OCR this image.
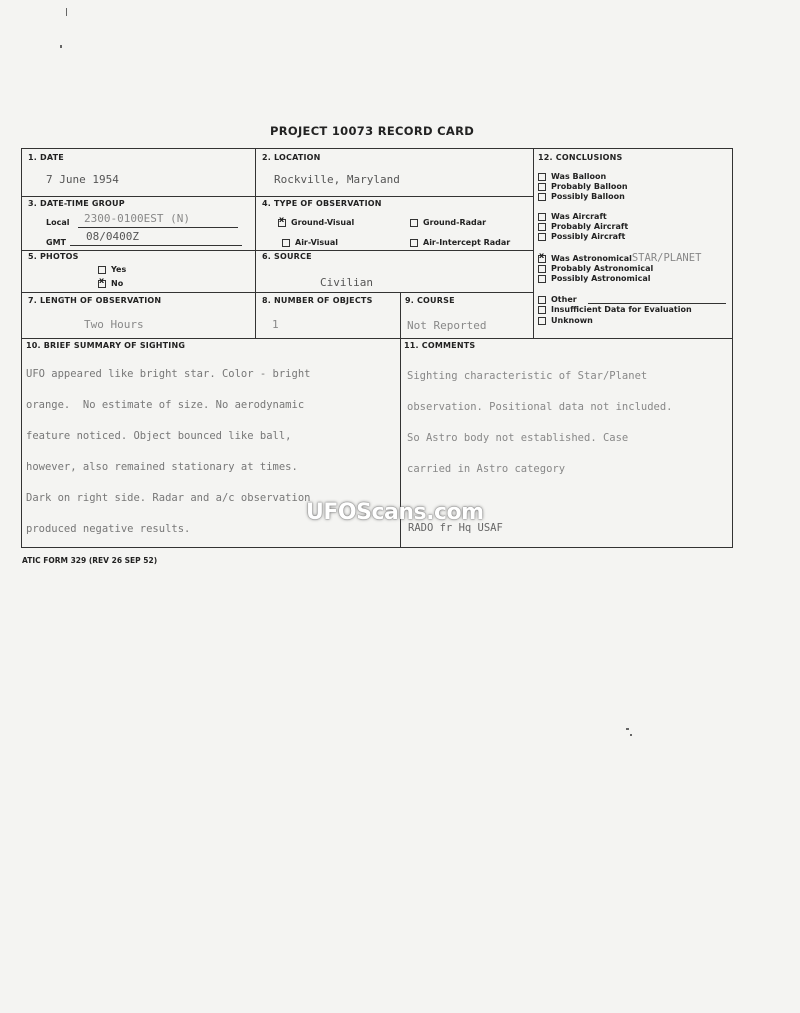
PROJECT 10073 RECORD CARD
1. DATE
7 June 1954
2. LOCATION
Rockville, Maryland
3. DATE-TIME GROUP
Local 2300-0100EST (N)
GMT 08/0400Z
4. TYPE OF OBSERVATION
x Ground-Visual	Ground-Radar
Air-Visual	Air-Intercept Radar
5. PHOTOS
Yes
x No
6. SOURCE
Civilian
7. LENGTH OF OBSERVATION
Two Hours
8. NUMBER OF OBJECTS
1
9. COURSE
Not Reported
12. CONCLUSIONS
Was Balloon
Probably Balloon
Possibly Balloon
Was Aircraft
Probably Aircraft
Possibly Aircraft
x Was AstronomicalSTAR/PLANET
Probably Astronomical
Possibly Astronomical
Other
Insufficient Data for Evaluation
Unknown
10. BRIEF SUMMARY OF SIGHTING

UFO appeared like bright star. Color - bright

orange.  No estimate of size. No aerodynamic

feature noticed. Object bounced like ball,

however, also remained stationary at times.

Dark on right side. Radar and a/c observation

produced negative results.

11. COMMENTS

Sighting characteristic of Star/Planet

observation. Positional data not included.

So Astro body not established. Case

carried in Astro category

RADO fr Hq USAF
UFOScans.com
ATIC FORM 329 (REV 26 SEP 52)
